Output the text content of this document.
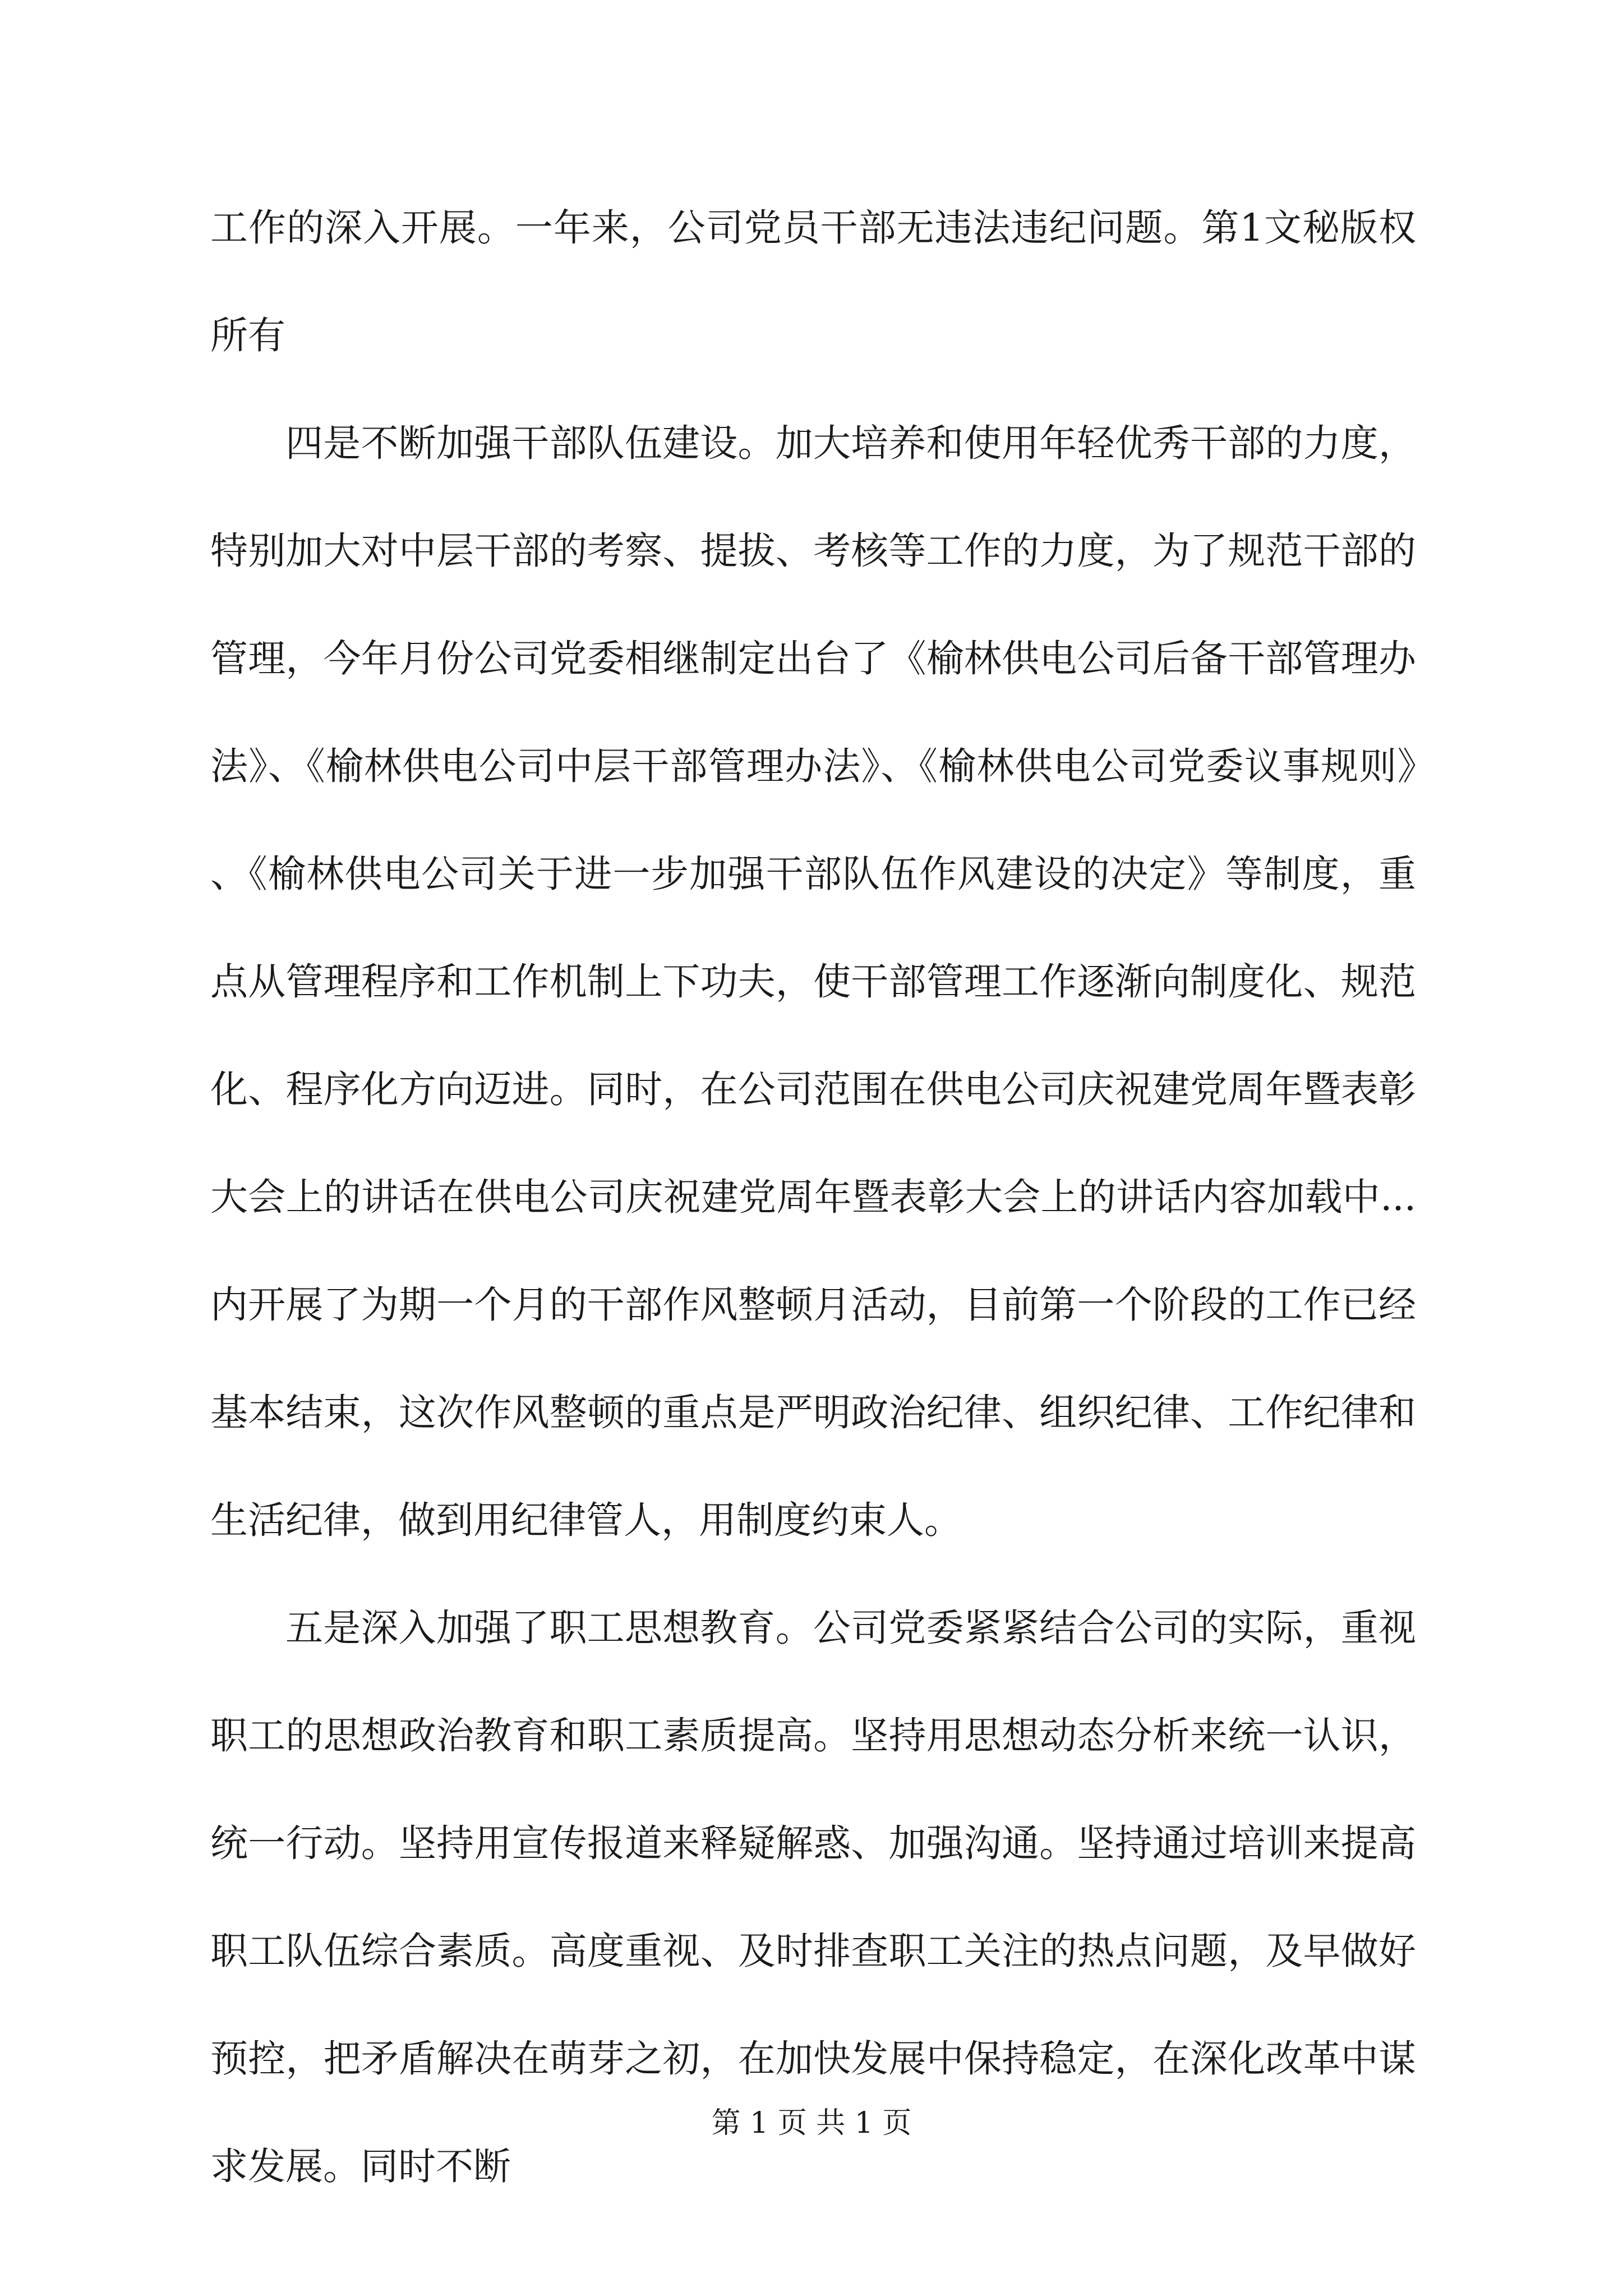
工作的深入开展。一年来，公司党员干部无违法违纪问题。第1文秘版权所有

四是不断加强干部队伍建设。加大培养和使用年轻优秀干部的力度，特别加大对中层干部的考察、提拔、考核等工作的力度，为了规范干部的管理，今年月份公司党委相继制定出台了《榆林供电公司后备干部管理办法》、《榆林供电公司中层干部管理办法》、《榆林供电公司党委议事规则》、《榆林供电公司关于进一步加强干部队伍作风建设的决定》等制度，重点从管理程序和工作机制上下功夫，使干部管理工作逐渐向制度化、规范化、程序化方向迈进。同时，在公司范围在供电公司庆祝建党周年暨表彰大会上的讲话在供电公司庆祝建党周年暨表彰大会上的讲话内容加载中...内开展了为期一个月的干部作风整顿月活动，目前第一个阶段的工作已经基本结束，这次作风整顿的重点是严明政治纪律、组织纪律、工作纪律和生活纪律，做到用纪律管人，用制度约束人。

五是深入加强了职工思想教育。公司党委紧紧结合公司的实际，重视职工的思想政治教育和职工素质提高。坚持用思想动态分析来统一认识，统一行动。坚持用宣传报道来释疑解惑、加强沟通。坚持通过培训来提高职工队伍综合素质。高度重视、及时排查职工关注的热点问题，及早做好预控，把矛盾解决在萌芽之初，在加快发展中保持稳定，在深化改革中谋求发展。同时不断

第 1 页 共 1 页
